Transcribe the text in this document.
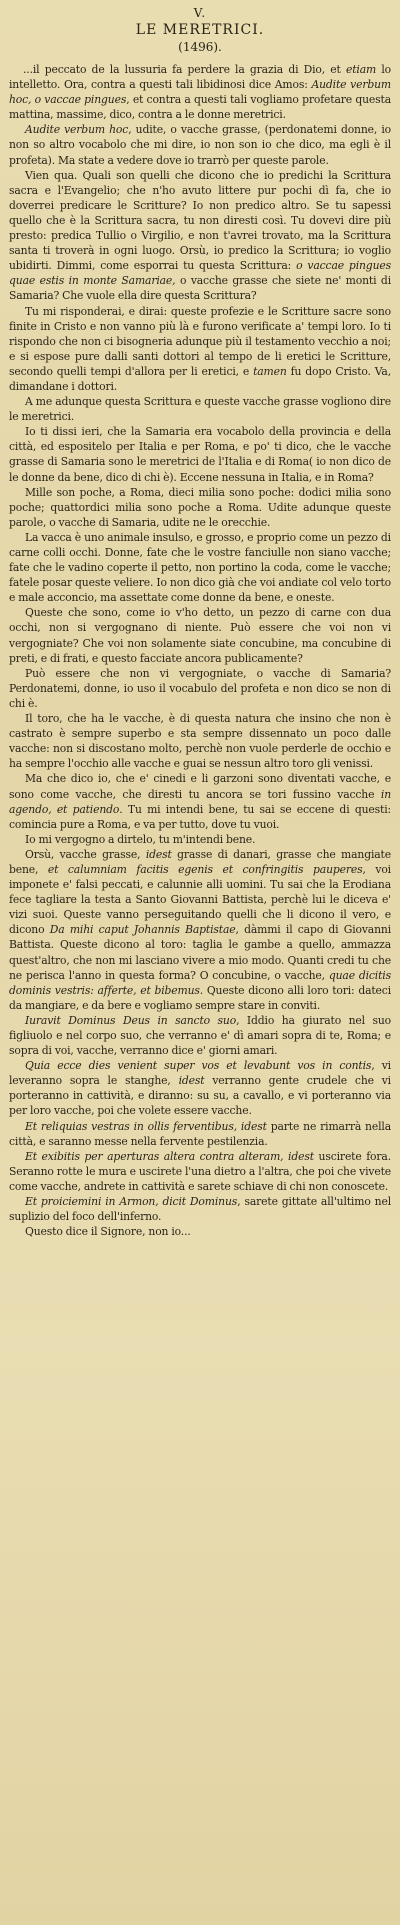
V.
LE MERETRICI.
(1496).

...il peccato de la lussuria fa perdere la grazia di Dio, et etiam lo intelletto. Ora, contra a questi tali libidinosi dice Amos: Audite verbum hoc, o vaccae pingues, et contra a questi tali vogliamo profetare questa mattina, massime, dico, contra a le donne meretrici.

Audite verbum hoc, udite, o vacche grasse, (perdonatemi donne, io non so altro vocabolo che mi dire, io non son io che dico, ma egli è il profeta). Ma state a vedere dove io trarrò per queste parole.

Vien qua. Quali son quelli che dicono che io predichi la Scrittura sacra e l'Evangelio; che n'ho avuto littere pur pochi dì fa, che io doverrei predicare le Scritture? Io non predico altro. Se tu sapessi quello che è la Scrittura sacra, tu non diresti così. Tu dovevi dire più presto: predica Tullio o Virgilio, e non t'avrei trovato, ma la Scrittura santa ti troverà in ogni luogo. Orsù, io predico la Scrittura; io voglio ubidirti. Dimmi, come esporrai tu questa Scrittura: o vaccae pingues quae estis in monte Samariae, o vacche grasse che siete ne' monti di Samaria? Che vuole ella dire questa Scrittura?

Tu mi risponderai, e dirai: queste profezie e le Scritture sacre sono finite in Cristo e non vanno più là e furono verificate a' tempi loro. Io ti rispondo che non ci bisogneria adunque più il testamento vecchio a noi; e si espose pure dalli santi dottori al tempo de li eretici le Scritture, secondo quelli tempi d'allora per li eretici, e tamen fu dopo Cristo. Va, dimandane i dottori.

A me adunque questa Scrittura e queste vacche grasse vogliono dire le meretrici.

Io ti dissi ieri, che la Samaria era vocabolo della provincia e della città, ed espositelo per Italia e per Roma, e po' ti dico, che le vacche grasse di Samaria sono le meretrici de l'Italia e di Roma( io non dico de le donne da bene, dico di chi è). Eccene nessuna in Italia, e in Roma?

Mille son poche, a Roma, dieci milia sono poche: dodici milia sono poche; quattordici milia sono poche a Roma. Udite adunque queste parole, o vacche di Samaria, udite ne le orecchie.

La vacca è uno animale insulso, e grosso, e proprio come un pezzo di carne colli occhi. Donne, fate che le vostre fanciulle non siano vacche; fate che le vadino coperte il petto, non portino la coda, come le vacche; fatele posar queste veliere. Io non dico già che voi andiate col velo torto e male acconcio, ma assettate come donne da bene, e oneste.

Queste che sono, come io v'ho detto, un pezzo di carne con dua occhi, non si vergognano di niente. Può essere che voi non vi vergogniate? Che voi non solamente siate concubine, ma concubine di preti, e di frati, e questo facciate ancora publicamente?

Può essere che non vi vergogniate, o vacche di Samaria? Perdonatemi, donne, io uso il vocabulo del profeta e non dico se non di chi è.

Il toro, che ha le vacche, è di questa natura che insino che non è castrato è sempre superbo e sta sempre dissennato un poco dalle vacche: non si discostano molto, perchè non vuole perderle de occhio e ha sempre l'occhio alle vacche e guai se nessun altro toro gli venissi.

Ma che dico io, che e' cinedi e li garzoni sono diventati vacche, e sono come vacche, che diresti tu ancora se tori fussino vacche in agendo, et patiendo. Tu mi intendi bene, tu sai se eccene di questi: comincia pure a Roma, e va per tutto, dove tu vuoi.

Io mi vergogno a dirtelo, tu m'intendi bene.

Orsù, vacche grasse, idest grasse di danari, grasse che mangiate bene, et calumniam facitis egenis et confringitis pauperes, voi imponete e' falsi peccati, e calunnie alli uomini. Tu sai che la Erodiana fece tagliare la testa a Santo Giovanni Battista, perchè lui le diceva e' vizi suoi. Queste vanno perseguitando quelli che li dicono il vero, e dicono Da mihi caput Johannis Baptistae, dàmmi il capo di Giovanni Battista. Queste dicono al toro: taglia le gambe a quello, ammazza quest'altro, che non mi lasciano vivere a mio modo. Quanti credi tu che ne perisca l'anno in questa forma? O concubine, o vacche, quae dicitis dominis vestris: afferte, et bibemus. Queste dicono alli loro tori: dateci da mangiare, e da bere e vogliamo sempre stare in conviti.

Iuravit Dominus Deus in sancto suo, Iddio ha giurato nel suo figliuolo e nel corpo suo, che verranno e' dì amari sopra di te, Roma; e sopra di voi, vacche, verranno dice e' giorni amari.

Quia ecce dies venient super vos et levabunt vos in contis, vi leveranno sopra le stanghe, idest verranno gente crudele che vi porteranno in cattività, e diranno: su su, a cavallo, e vi porteranno via per loro vacche, poi che volete essere vacche.

Et reliquias vestras in ollis ferventibus, idest parte ne rimarrà nella città, e saranno messe nella fervente pestilenzia.

Et exibitis per aperturas altera contra alteram, idest uscirete fora. Seranno rotte le mura e uscirete l'una dietro a l'altra, che poi che vivete come vacche, andrete in cattività e sarete schiave di chi non conoscete.

Et proiciemini in Armon, dicit Dominus, sarete gittate all'ultimo nel suplizio del foco dell'inferno.

Questo dice il Signore, non io...
